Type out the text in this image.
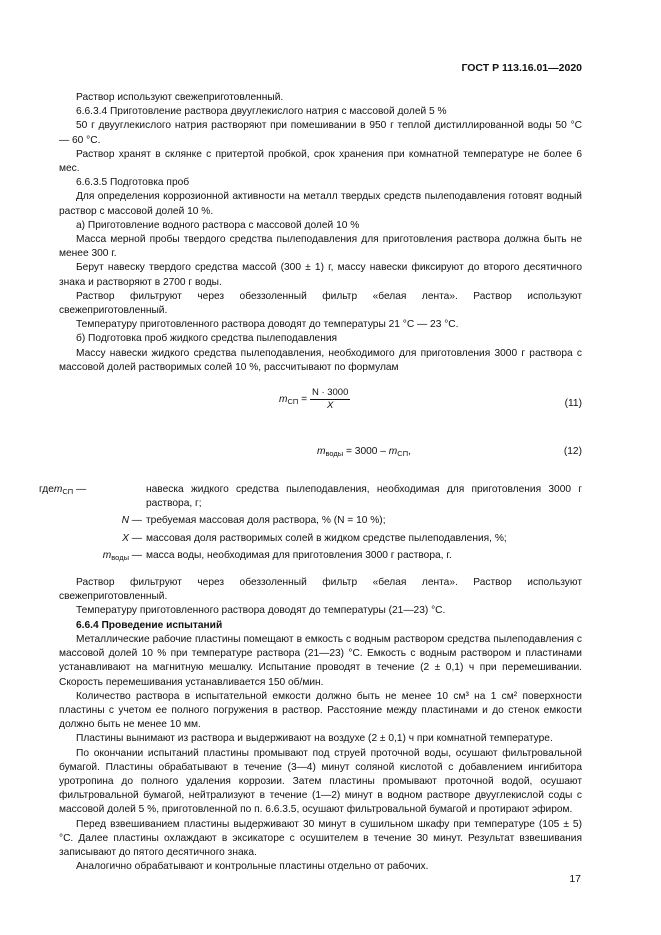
ГОСТ Р 113.16.01—2020

Раствор используют свежеприготовленный.

6.6.3.4 Приготовление раствора двууглекислого натрия с массовой долей 5 %

50 г двууглекислого натрия растворяют при помешивании в 950 г теплой дистиллированной воды 50 °С — 60 °С.

Раствор хранят в склянке с притертой пробкой, срок хранения при комнатной температуре не более 6 мес.

6.6.3.5 Подготовка проб

Для определения коррозионной активности на металл твердых средств пылеподавления готовят водный раствор с массовой долей 10 %.

а) Приготовление водного раствора с массовой долей 10 %

Масса мерной пробы твердого средства пылеподавления для приготовления раствора должна быть не менее 300 г.

Берут навеску твердого средства массой (300 ± 1) г, массу навески фиксируют до второго десятичного знака и растворяют в 2700 г воды.

Раствор фильтруют через обеззоленный фильтр «белая лента». Раствор используют свежеприготовленный.

Температуру приготовленного раствора доводят до температуры 21 °С — 23 °С.

б) Подготовка проб жидкого средства пылеподавления

Массу навески жидкого средства пылеподавления, необходимого для приготовления 3000 г раствора с массовой долей растворимых солей 10 %, рассчитывают по формулам

$m_{СП} = \frac{N \cdot 3000}{X}$	(11)
$m_{воды} = 3000 - m_{СП}$,	(12)
гдеm$_{СП}$ —	навеска жидкого средства пылеподавления, необходимая для приготовления 3000 г раствора, г;
N — требуемая массовая доля раствора, % (N = 10 %);
X — массовая доля растворимых солей в жидком средстве пылеподавления, %;
$m_{воды}$ — масса воды, необходимая для приготовления 3000 г раствора, г.

Раствор фильтруют через обеззоленный фильтр «белая лента». Раствор используют свежеприготовленный.

Температуру приготовленного раствора доводят до температуры (21—23) °С.

6.6.4 Проведение испытаний

Металлические рабочие пластины помещают в емкость с водным раствором средства пылеподавления с массовой долей 10 % при температуре раствора (21—23) °С. Емкость с водным раствором и пластинами устанавливают на магнитную мешалку. Испытание проводят в течение (2 ± 0,1) ч при перемешивании. Скорость перемешивания устанавливается 150 об/мин.

Количество раствора в испытательной емкости должно быть не менее 10 см³ на 1 см² поверхности пластины с учетом ее полного погружения в раствор. Расстояние между пластинами и до стенок емкости должно быть не менее 10 мм.

Пластины вынимают из раствора и выдерживают на воздухе (2 ± 0,1) ч при комнатной температуре.

По окончании испытаний пластины промывают под струей проточной воды, осушают фильтровальной бумагой. Пластины обрабатывают в течение (3—4) минут соляной кислотой с добавлением ингибитора уротропина до полного удаления коррозии. Затем пластины промывают проточной водой, осушают фильтровальной бумагой, нейтрализуют в течение (1—2) минут в водном растворе двууглекислой соды с массовой долей 5 %, приготовленной по п. 6.6.3.5, осушают фильтровальной бумагой и протирают эфиром.

Перед взвешиванием пластины выдерживают 30 минут в сушильном шкафу при температуре (105 ± 5) °С. Далее пластины охлаждают в эксикаторе с осушителем в течение 30 минут. Результат взвешивания записывают до пятого десятичного знака.

Аналогично обрабатывают и контрольные пластины отдельно от рабочих.

17
